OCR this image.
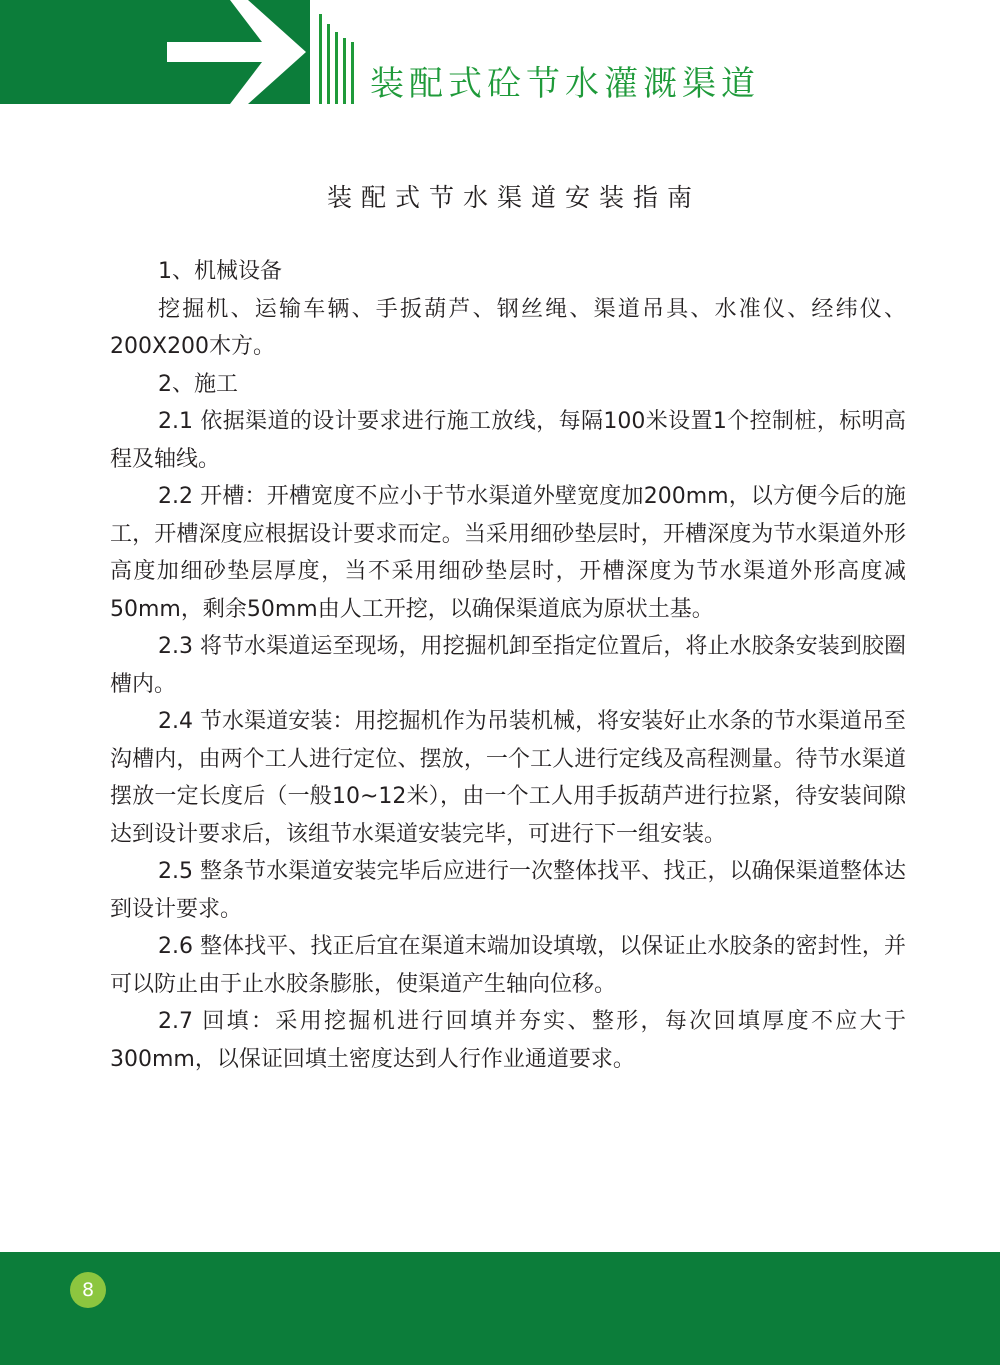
装配式砼节水灌溉渠道
装配式节水渠道安装指南

1、机械设备

挖掘机、运输车辆、手扳葫芦、钢丝绳、渠道吊具、水准仪、经纬仪、200X200木方。

2、施工

2.1 依据渠道的设计要求进行施工放线，每隔100米设置1个控制桩，标明高程及轴线。

2.2 开槽：开槽宽度不应小于节水渠道外壁宽度加200mm，以方便今后的施工，开槽深度应根据设计要求而定。当采用细砂垫层时，开槽深度为节水渠道外形高度加细砂垫层厚度，当不采用细砂垫层时，开槽深度为节水渠道外形高度减50mm，剩余50mm由人工开挖，以确保渠道底为原状土基。

2.3 将节水渠道运至现场，用挖掘机卸至指定位置后，将止水胶条安装到胶圈槽内。

2.4 节水渠道安装：用挖掘机作为吊装机械，将安装好止水条的节水渠道吊至沟槽内，由两个工人进行定位、摆放，一个工人进行定线及高程测量。待节水渠道摆放一定长度后（一般10~12米），由一个工人用手扳葫芦进行拉紧，待安装间隙达到设计要求后，该组节水渠道安装完毕，可进行下一组安装。

2.5 整条节水渠道安装完毕后应进行一次整体找平、找正，以确保渠道整体达到设计要求。

2.6 整体找平、找正后宜在渠道末端加设填墩，以保证止水胶条的密封性，并可以防止由于止水胶条膨胀，使渠道产生轴向位移。

2.7 回填：采用挖掘机进行回填并夯实、整形，每次回填厚度不应大于300mm，以保证回填土密度达到人行作业通道要求。

8
